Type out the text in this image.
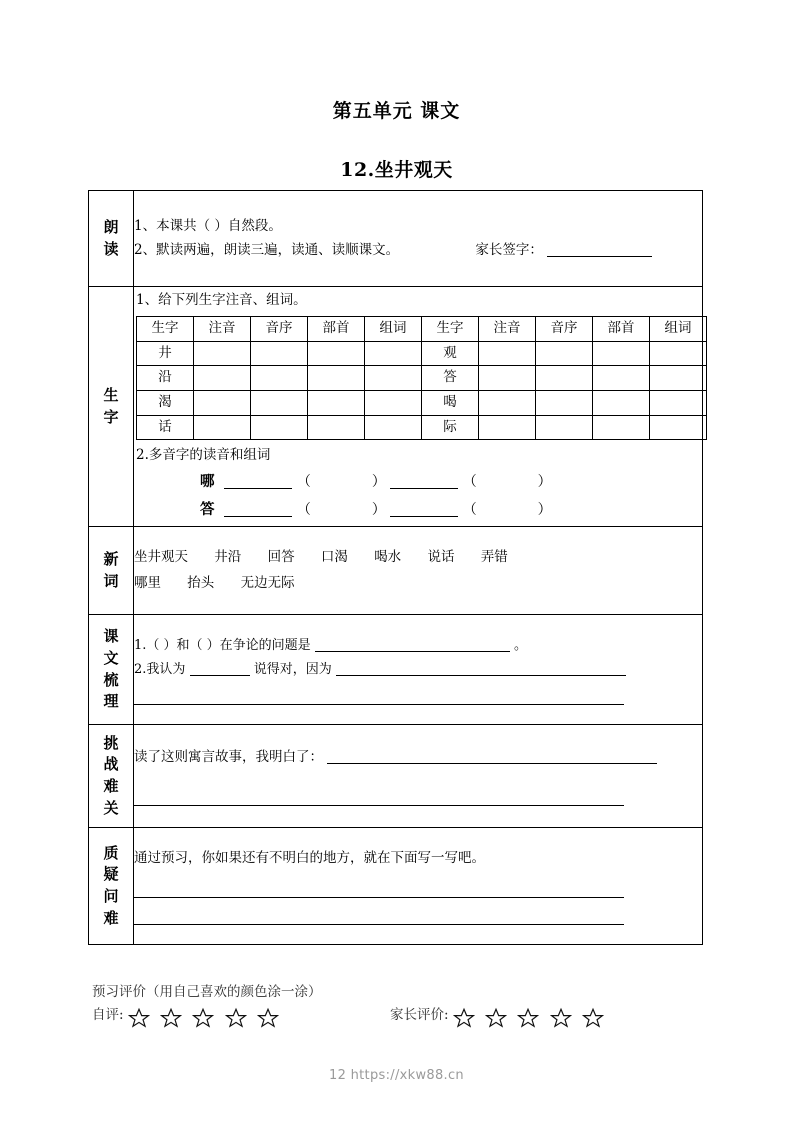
第五单元 课文
12.坐井观天
朗读

1、本课共（ ）自然段。
2、默读两遍，朗读三遍，读通、读顺课文。	家长签字：

生字

1、给下列生字注音、组词。
生字	注音	音序	部首	组词	生字	注音	音序	部首	组词
井					观				
沿					答				
渴					喝				
话					际				
2.多音字的读音和组词
哪	（	）	（	）
答	（	）	（	）

新词

坐井观天 井沿 回答 口渴 喝水 说话 弄错
哪里 抬头 无边无际

课文梳理

1.（ ）和（ ）在争论的问题是	。
2.我认为	说得对，因为

挑战难关

读了这则寓言故事，我明白了：

质疑问难

通过预习，你如果还有不明白的地方，就在下面写一写吧。
预习评价（用自己喜欢的颜色涂一涂）
自评:	家长评价:
12 https://xkw88.cn
